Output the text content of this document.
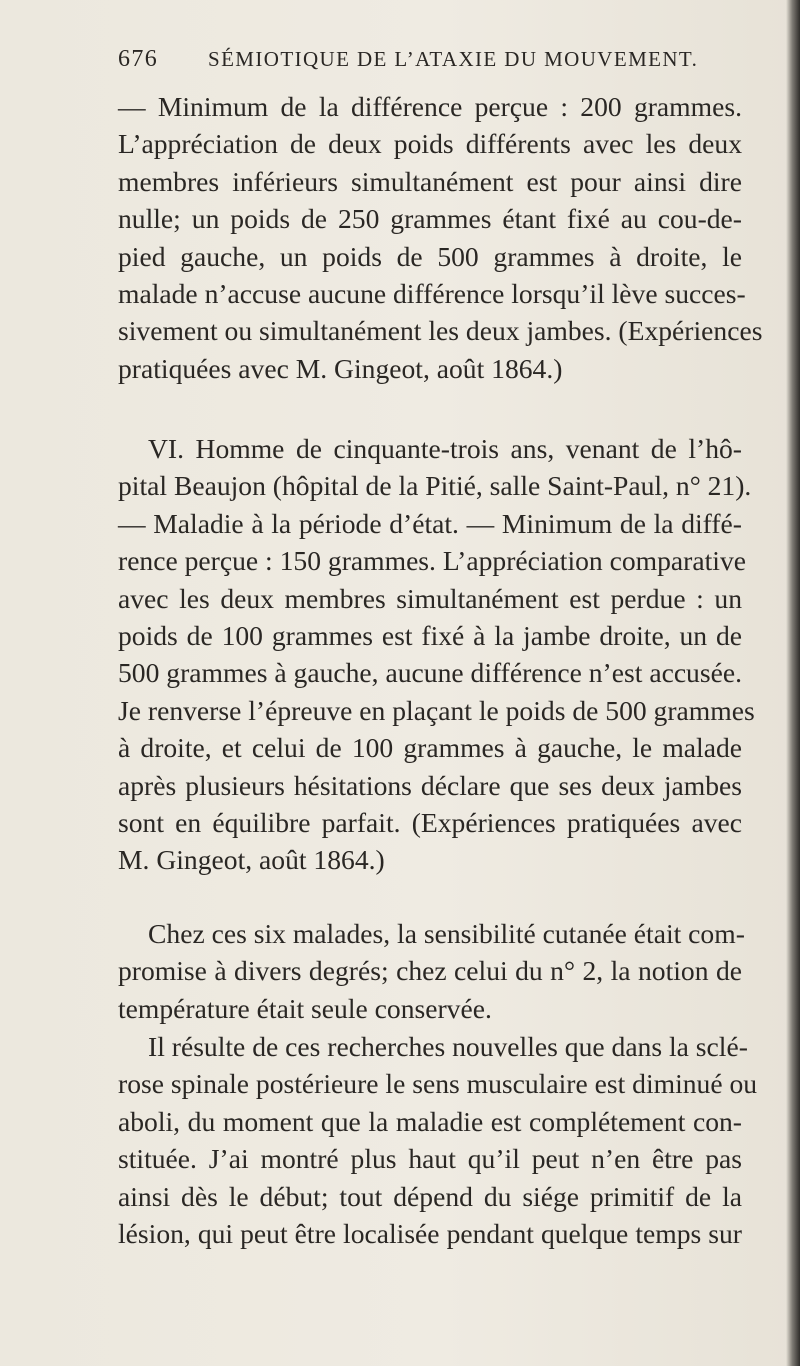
676 SÉMIOTIQUE DE L’ATAXIE DU MOUVEMENT.
— Minimum de la différence perçue : 200 grammes.
L’appréciation de deux poids différents avec les deux
membres inférieurs simultanément est pour ainsi dire
nulle; un poids de 250 grammes étant fixé au cou-de-
pied gauche, un poids de 500 grammes à droite, le
malade n’accuse aucune différence lorsqu’il lève succes-
sivement ou simultanément les deux jambes. (Expériences
pratiquées avec M. Gingeot, août 1864.)
VI. Homme de cinquante-trois ans, venant de l’hô-
pital Beaujon (hôpital de la Pitié, salle Saint-Paul, n° 21).
— Maladie à la période d’état. — Minimum de la diffé-
rence perçue : 150 grammes. L’appréciation comparative
avec les deux membres simultanément est perdue : un
poids de 100 grammes est fixé à la jambe droite, un de
500 grammes à gauche, aucune différence n’est accusée.
Je renverse l’épreuve en plaçant le poids de 500 grammes
à droite, et celui de 100 grammes à gauche, le malade
après plusieurs hésitations déclare que ses deux jambes
sont en équilibre parfait. (Expériences pratiquées avec
M. Gingeot, août 1864.)
Chez ces six malades, la sensibilité cutanée était com-
promise à divers degrés; chez celui du n° 2, la notion de
température était seule conservée.
Il résulte de ces recherches nouvelles que dans la sclé-
rose spinale postérieure le sens musculaire est diminué ou
aboli, du moment que la maladie est complétement con-
stituée. J’ai montré plus haut qu’il peut n’en être pas
ainsi dès le début; tout dépend du siége primitif de la
lésion, qui peut être localisée pendant quelque temps sur
